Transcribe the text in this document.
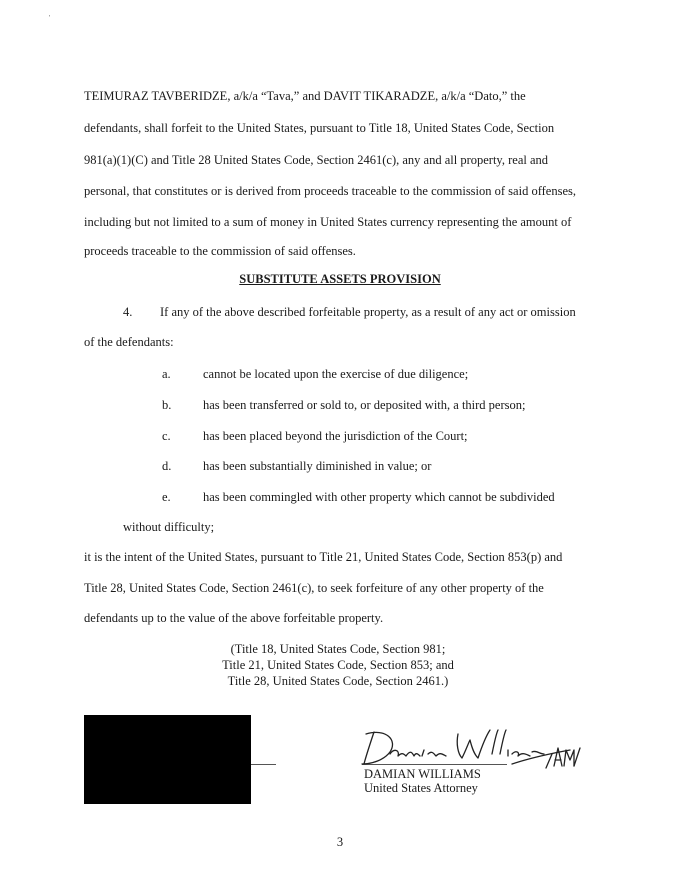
'
TEIMURAZ TAVBERIDZE, a/k/a “Tava,” and DAVIT TIKARADZE, a/k/a “Dato,” the
defendants, shall forfeit to the United States, pursuant to Title 18, United States Code, Section
981(a)(1)(C) and Title 28 United States Code, Section 2461(c), any and all property, real and
personal, that constitutes or is derived from proceeds traceable to the commission of said offenses,
including but not limited to a sum of money in United States currency representing the amount of
proceeds traceable to the commission of said offenses.
SUBSTITUTE ASSETS PROVISION
4. If any of the above described forfeitable property, as a result of any act or omission
of the defendants:
a.	cannot be located upon the exercise of due diligence;
b.	has been transferred or sold to, or deposited with, a third person;
c.	has been placed beyond the jurisdiction of the Court;
d.	has been substantially diminished in value; or
e.	has been commingled with other property which cannot be subdivided
without difficulty;
it is the intent of the United States, pursuant to Title 21, United States Code, Section 853(p) and
Title 28, United States Code, Section 2461(c), to seek forfeiture of any other property of the
defendants up to the value of the above forfeitable property.
(Title 18, United States Code, Section 981;
Title 21, United States Code, Section 853; and
Title 28, United States Code, Section 2461.)
DAMIAN WILLIAMS
United States Attorney
3
